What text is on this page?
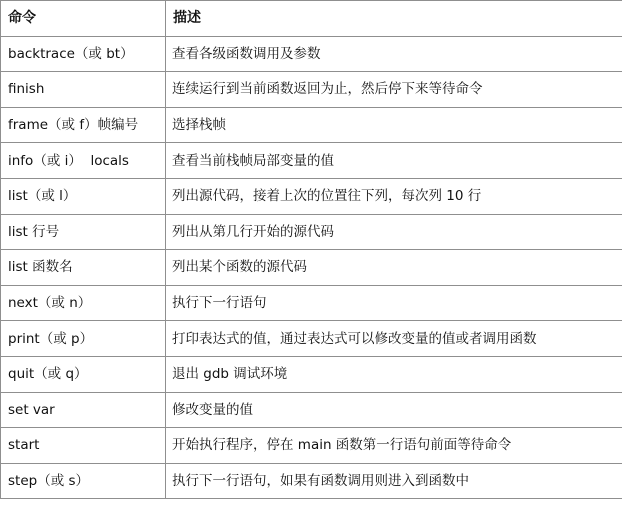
命令	描述
backtrace（或 bt）	查看各级函数调用及参数
finish	连续运行到当前函数返回为止，然后停下来等待命令
frame（或 f）帧编号	选择栈帧
info（或 i）  locals	查看当前栈帧局部变量的值
list（或 l）	列出源代码，接着上次的位置往下列，每次列 10 行
list 行号	列出从第几行开始的源代码
list 函数名	列出某个函数的源代码
next（或 n）	执行下一行语句
print（或 p）	打印表达式的值，通过表达式可以修改变量的值或者调用函数
quit（或 q）	退出 gdb 调试环境
set var	修改变量的值
start	开始执行程序，停在 main 函数第一行语句前面等待命令
step（或 s）	执行下一行语句，如果有函数调用则进入到函数中
